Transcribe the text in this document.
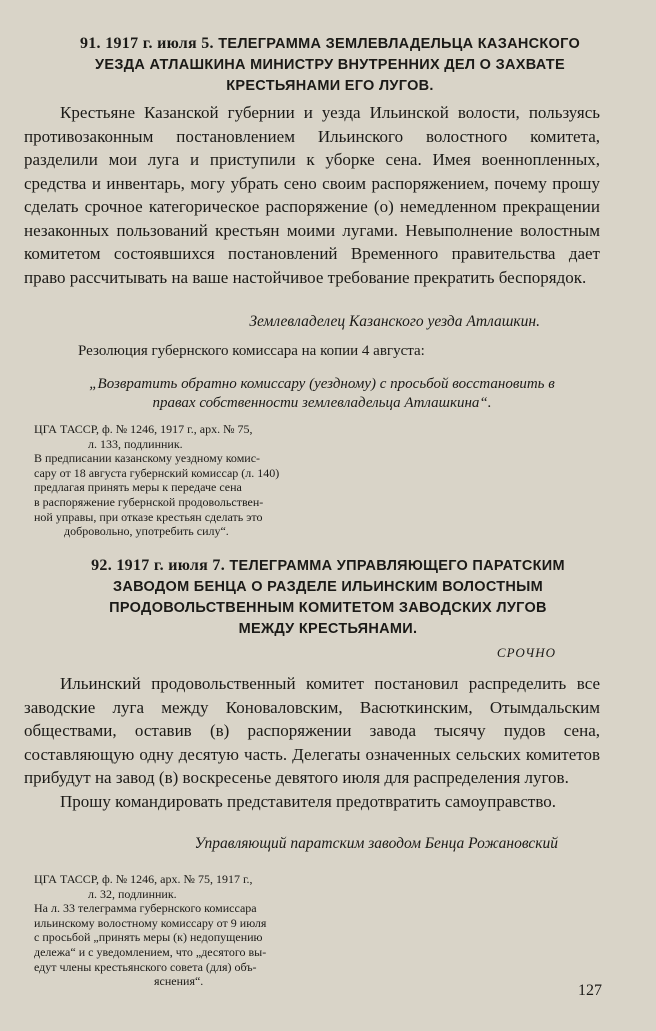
91. 1917 г. июля 5. ТЕЛЕГРАММА ЗЕМЛЕВЛАДЕЛЬЦА КАЗАНСКОГО
УЕЗДА АТЛАШКИНА МИНИСТРУ ВНУТРЕННИХ ДЕЛ О ЗАХВАТЕ
КРЕСТЬЯНАМИ ЕГО ЛУГОВ.

Крестьяне Казанской губернии и уезда Ильинской волости, пользуясь противозаконным постановлением Ильинского волостного комитета, разделили мои луга и приступили к уборке сена. Имея военнопленных, средства и инвентарь, могу убрать сено своим распоряжением, почему прошу сделать срочное категорическое распоряжение (о) немедленном прекращении незаконных пользований крестьян моими лугами. Невыполнение волостным комитетом состоявшихся постановлений Временного правительства дает право рассчитывать на ваше настойчивое требование прекратить беспорядок.

Землевладелец Казанского уезда Атлашкин.
Резолюция губернского комиссара на копии 4 августа:
„Возвратить обратно комиссару (уездному) с просьбой восстановить в
правах собственности землевладельца Атлашкина“.
ЦГА ТАССР, ф. № 1246, 1917 г., арх. № 75,
л. 133, подлинник.
В предписании казанскому уездному комис-
сару от 18 августа губернский комиссар (л. 140)
предлагая принять меры к передаче сена
в распоряжение губернской продовольствен-
ной управы, при отказе крестьян сделать это
добровольно, употребить силу“.
92. 1917 г. июля 7. ТЕЛЕГРАММА УПРАВЛЯЮЩЕГО ПАРАТСКИМ
ЗАВОДОМ БЕНЦА О РАЗДЕЛЕ ИЛЬИНСКИМ ВОЛОСТНЫМ
ПРОДОВОЛЬСТВЕННЫМ КОМИТЕТОМ ЗАВОДСКИХ ЛУГОВ
МЕЖДУ КРЕСТЬЯНАМИ.
СРОЧНО

Ильинский продовольственный комитет постановил распределить все заводские луга между Коноваловским, Васюткинским, Отымдальским обществами, оставив (в) распоряжении завода тысячу пудов сена, составляющую одну десятую часть. Делегаты означенных сельских комитетов прибудут на завод (в) воскресенье девятого июля для распределения лугов.

Прошу командировать представителя предотвратить самоуправство.

Управляющий паратским заводом Бенца Рожановский
ЦГА ТАССР, ф. № 1246, арх. № 75, 1917 г.,
л. 32, подлинник.
На л. 33 телеграмма губернского комиссара
ильинскому волостному комиссару от 9 июля
с просьбой „принять меры (к) недопущению
дележа“ и с уведомлением, что „десятого вы-
едут члены крестьянского совета (для) объ-
яснения“.
127
